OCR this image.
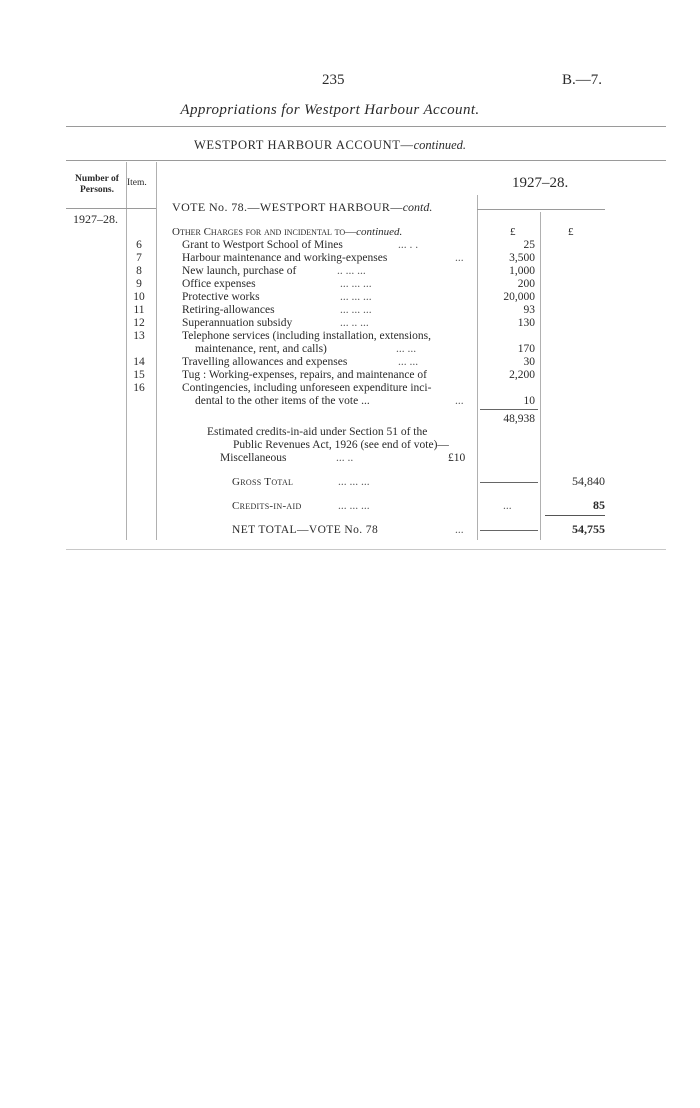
235	B.—7.
Appropriations for Westport Harbour Account.
WESTPORT HARBOUR ACCOUNT—continued.
Number of Persons.
Item.	1927–28.
1927–28.
VOTE No. 78.—WESTPORT HARBOUR—contd.
Other Charges for and incidental to—continued.	£	£
6	Grant to Westport School of Mines	... . .	25
7	Harbour maintenance and working-expenses	...	3,500
8	New launch, purchase of	.. ... ...	1,000
9	Office expenses	... ... ...	200
10	Protective works	... ... ...	20,000
11	Retiring-allowances	... ... ...	93
12	Superannuation subsidy	... .. ...	130
13	Telephone services (including installation, extensions,
maintenance, rent, and calls)	... ...	170
14	Travelling allowances and expenses	... ...	30
15	Tug : Working-expenses, repairs, and maintenance of	2,200
16	Contingencies, including unforeseen expenditure inci-
dental to the other items of the vote ...	...	10
48,938
Estimated credits-in-aid under Section 51 of the
Public Revenues Act, 1926 (see end of vote)—
Miscellaneous	... ..	£10
Gross Total	... ... ...	54,840
Credits-in-aid	... ... ...	...	85
NET TOTAL—VOTE No. 78	...	54,755
